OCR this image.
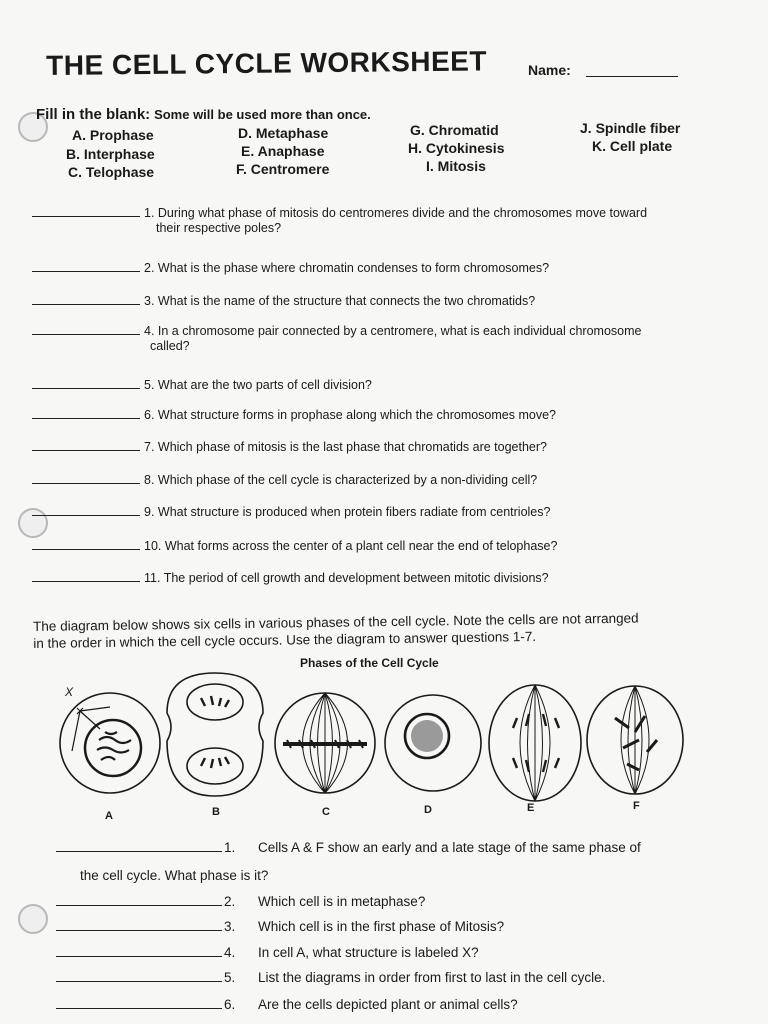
THE CELL CYCLE WORKSHEET	Name:
Fill in the blank: Some will be used more than once.
A. Prophase
B. Interphase
C. Telophase
D. Metaphase
E. Anaphase
F. Centromere
G. Chromatid
H. Cytokinesis
I. Mitosis
J. Spindle fiber
K. Cell plate
1. During what phase of mitosis do centromeres divide and the chromosomes move toward
their respective poles?
2. What is the phase where chromatin condenses to form chromosomes?
3. What is the name of the structure that connects the two chromatids?
4. In a chromosome pair connected by a centromere, what is each individual chromosome
called?
5. What are the two parts of cell division?
6. What structure forms in prophase along which the chromosomes move?
7. Which phase of mitosis is the last phase that chromatids are together?
8. Which phase of the cell cycle is characterized by a non-dividing cell?
9. What structure is produced when protein fibers radiate from centrioles?
10. What forms across the center of a plant cell near the end of telophase?
11. The period of cell growth and development between mitotic divisions?
The diagram below shows six cells in various phases of the cell cycle. Note the cells are not arranged
in the order in which the cell cycle occurs. Use the diagram to answer questions 1-7.
Phases of the Cell Cycle
X
A	B	C	D	E	F
1. Cells A & F show an early and a late stage of the same phase of
the cell cycle. What phase is it?
2. Which cell is in metaphase?
3. Which cell is in the first phase of Mitosis?
4. In cell A, what structure is labeled X?
5. List the diagrams in order from first to last in the cell cycle.
6. Are the cells depicted plant or animal cells?
